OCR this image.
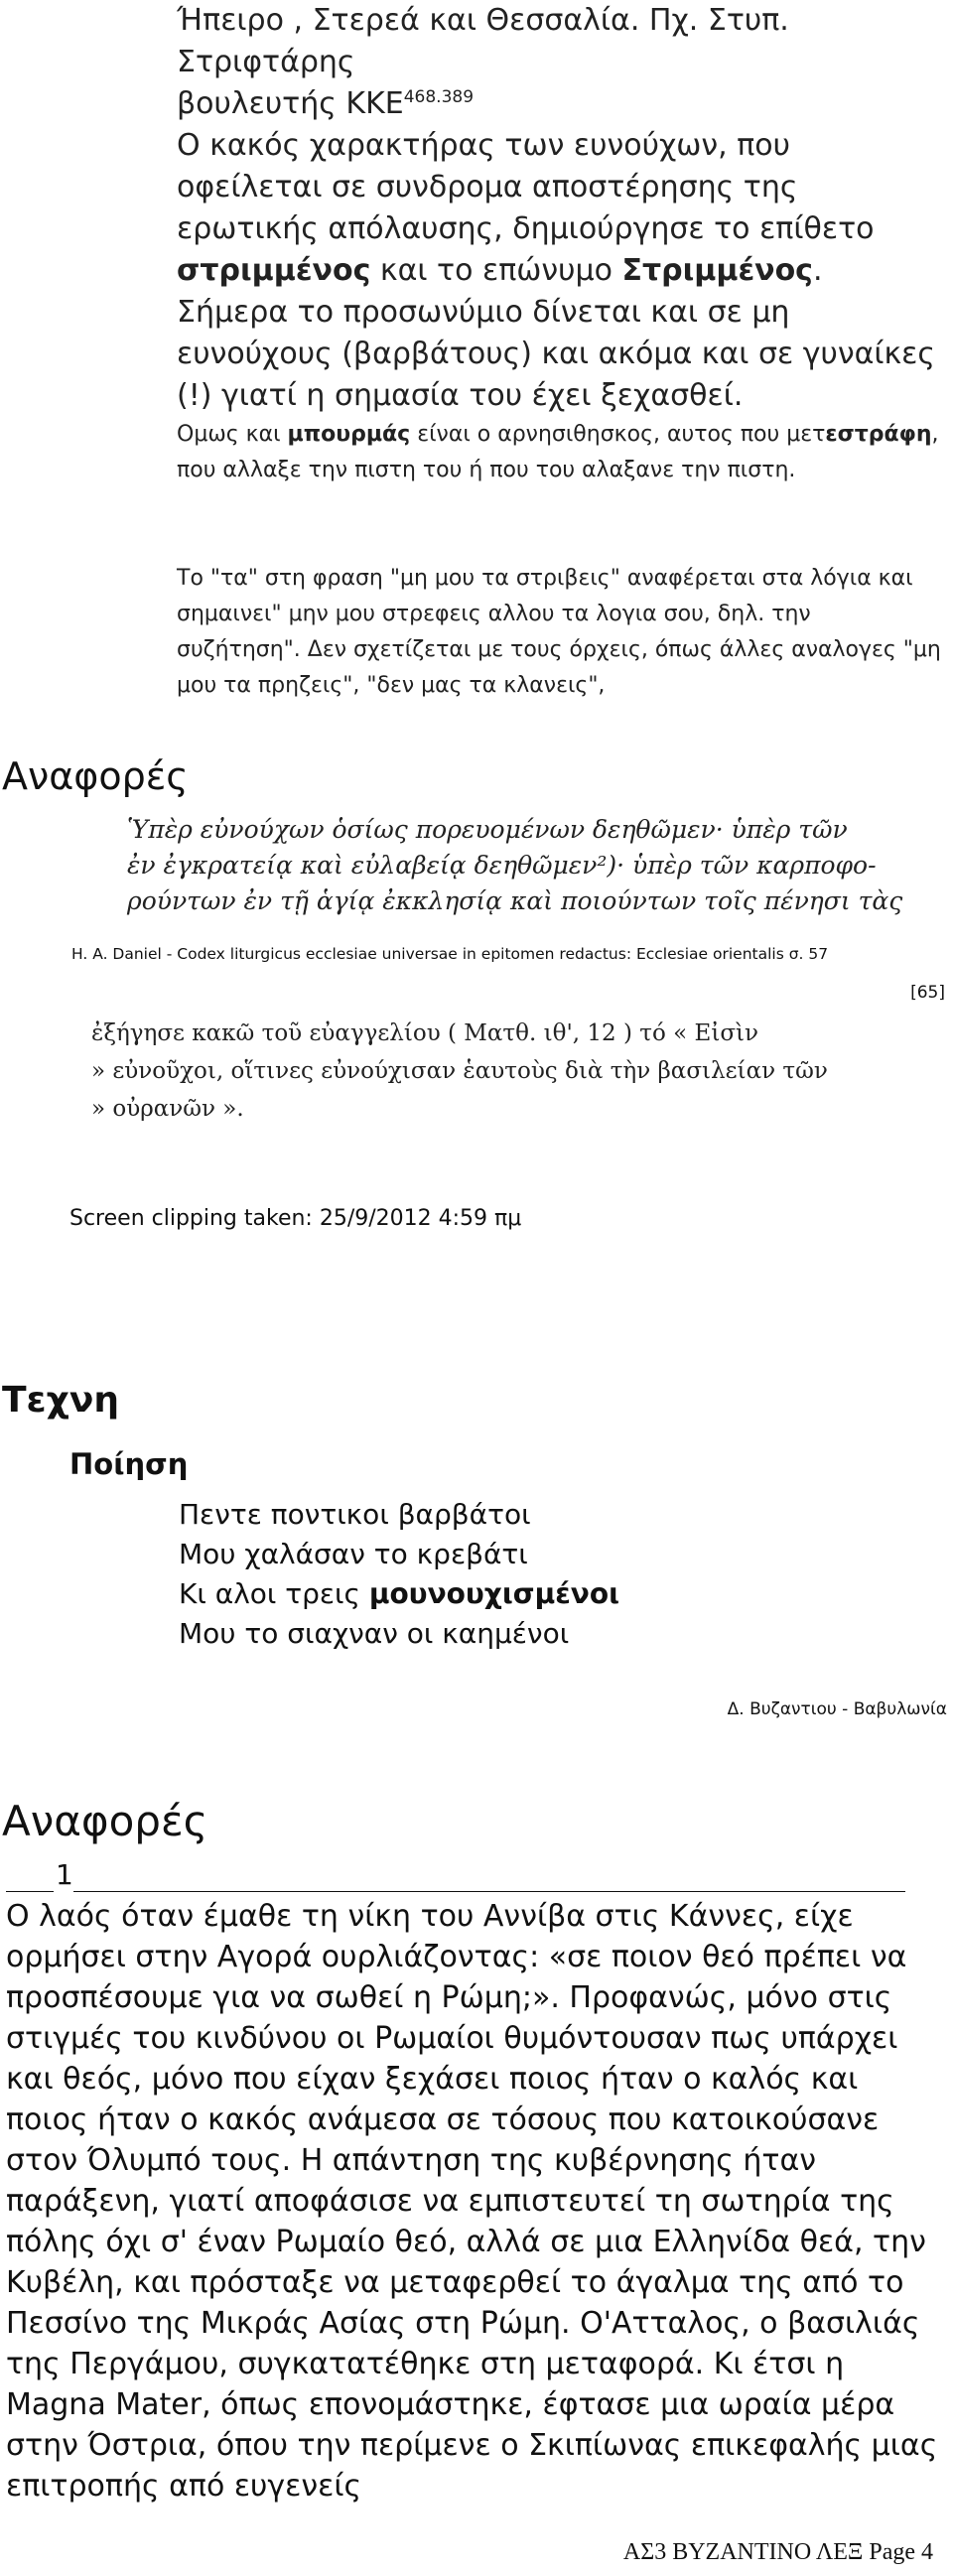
Ήπειρο , Στερεά και Θεσσαλία. Πχ. Στυπ. Στριφτάρης

βουλευτής $KKE^{468.389}$

Ο κακός χαρακτήρας των ευνούχων, που οφείλεται σε συνδρομα αποστέρησης της ερωτικής απόλαυσης, δημιούργησε το επίθετο στριμμένος και το επώνυμο Στριμμένος.

Σήμερα το προσωνύμιο δίνεται και σε μη ευνούχους (βαρβάτους) και ακόμα και σε γυναίκες (!) γιατί η σημασία του έχει ξεχασθεί.

Ομως και μπουρμάς είναι ο αρνησιθησκος, αυτος που μετεστράφη, που αλλαξε την πιστη του ή που του αλαξανε την πιστη.

Το "τα" στη φραση "μη μου τα στριβεις" αναφέρεται στα λόγια και σημαινει" μην μου στρεφεις αλλου τα λογια σου, δηλ. την συζήτηση". Δεν σχετίζεται με τους όρχεις, όπως άλλες αναλογες "μη μου τα πρηζεις", "δεν μας τα κλανεις",

Αναφορές
Ὑπὲρ εὐνούχων ὁσίως πορευομένων δεηθῶμεν· ὑπὲρ τῶν
ἐν ἐγκρατείᾳ καὶ εὐλαβείᾳ δεηθῶμεν²)· ὑπὲρ τῶν καρποφο-
ρούντων ἐν τῇ ἁγίᾳ ἐκκλησίᾳ καὶ ποιούντων τοῖς πένησι τὰς
H. A. Daniel - Codex liturgicus ecclesiae universae in epitomen redactus: Ecclesiae orientalis σ. 57
[65]
ἐξήγησε κακῶ τοῦ εὐαγγελίου ( Ματθ. ιθ', 12 ) τό « Εἰσὶν
» εὐνοῦχοι, οἵτινες εὐνούχισαν ἑαυτοὺς διὰ τὴν βασιλείαν τῶν
» οὐρανῶν ».
Screen clipping taken: 25/9/2012 4:59 πμ
Τεχνη
Ποίηση
Πεντε ποντικοι βαρβάτοι
Μου χαλάσαν το κρεβάτι
Κι αλοι τρεις μουνουχισμένοι
Μου το σιαχναν οι καημένοι
Δ. Βυζαντιου - Βαβυλωνία
Αναφορές
1
Ο λαός όταν έμαθε τη νίκη του Αννίβα στις Κάννες, είχε ορμήσει στην Αγορά ουρλιάζοντας: «σε ποιον θεό πρέπει να προσπέσουμε για να σωθεί η Ρώμη;». Προφανώς, μόνο στις στιγμές του κινδύνου οι Ρωμαίοι θυμόντουσαν πως υπάρχει και θεός, μόνο που είχαν ξεχάσει ποιος ήταν ο καλός και ποιος ήταν ο κακός ανάμεσα σε τόσους που κατοικούσανε στον Όλυμπό τους. Η απάντηση της κυβέρνησης ήταν παράξενη, γιατί αποφάσισε να εμπιστευτεί τη σωτηρία της πόλης όχι σ' έναν Ρωμαίο θεό, αλλά σε μια Ελληνίδα θεά, την Κυβέλη, και πρόσταξε να μεταφερθεί το άγαλμα της από το Πεσσίνο της Μικράς Ασίας στη Ρώμη. Ο'Ατταλος, ο βασιλιάς της Περγάμου, συγκατατέθηκε στη μεταφορά. Κι έτσι η Magna Mater, όπως επονομάστηκε, έφτασε μια ωραία μέρα στην Όστρια, όπου την περίμενε ο Σκιπίωνας επικεφαλής μιας επιτροπής από ευγενείς
ΑΣ3 ΒΥΖΑΝΤΙΝΟ ΛΕΞ Page 4
